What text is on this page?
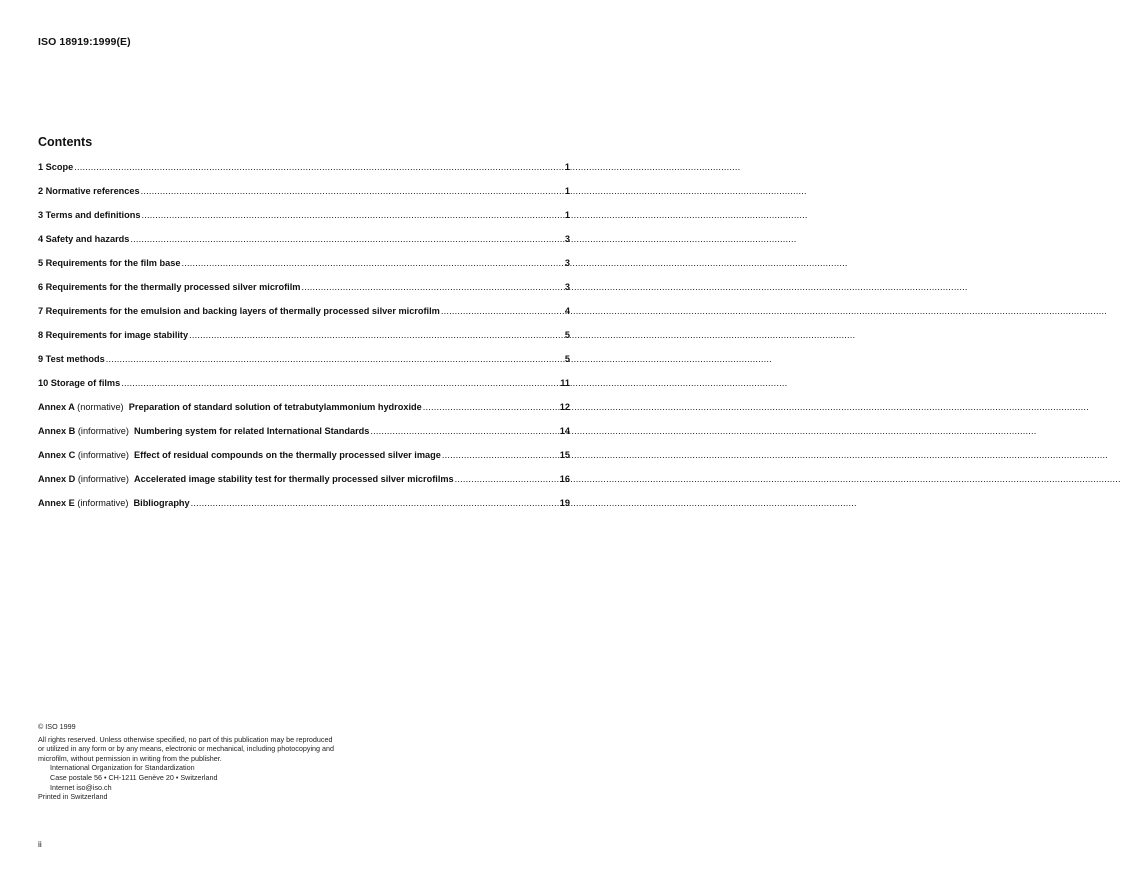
ISO 18919:1999(E)
Contents
1 Scope .....	1
2 Normative references .....	1
3 Terms and definitions .....	1
4 Safety and hazards .....	3
5 Requirements for the film base .....	3
6 Requirements for the thermally processed silver microfilm .....	3
7 Requirements for the emulsion and backing layers of thermally processed silver microfilm .....	4
8 Requirements for image stability .....	5
9 Test methods .....	5
10 Storage of films .....	11
Annex A (normative) Preparation of standard solution of tetrabutylammonium hydroxide .....	12
Annex B (informative) Numbering system for related International Standards .....	14
Annex C (informative) Effect of residual compounds on the thermally processed silver image .....	15
Annex D (informative) Accelerated image stability test for thermally processed silver microfilms .....	16
Annex E (informative) Bibliography .....	19
© ISO 1999
All rights reserved. Unless otherwise specified, no part of this publication may be reproduced
or utilized in any form or by any means, electronic or mechanical, including photocopying and
microfilm, without permission in writing from the publisher.
International Organization for Standardization
Case postale 56 • CH-1211 Genève 20 • Switzerland
Internet iso@iso.ch
Printed in Switzerland
ii
